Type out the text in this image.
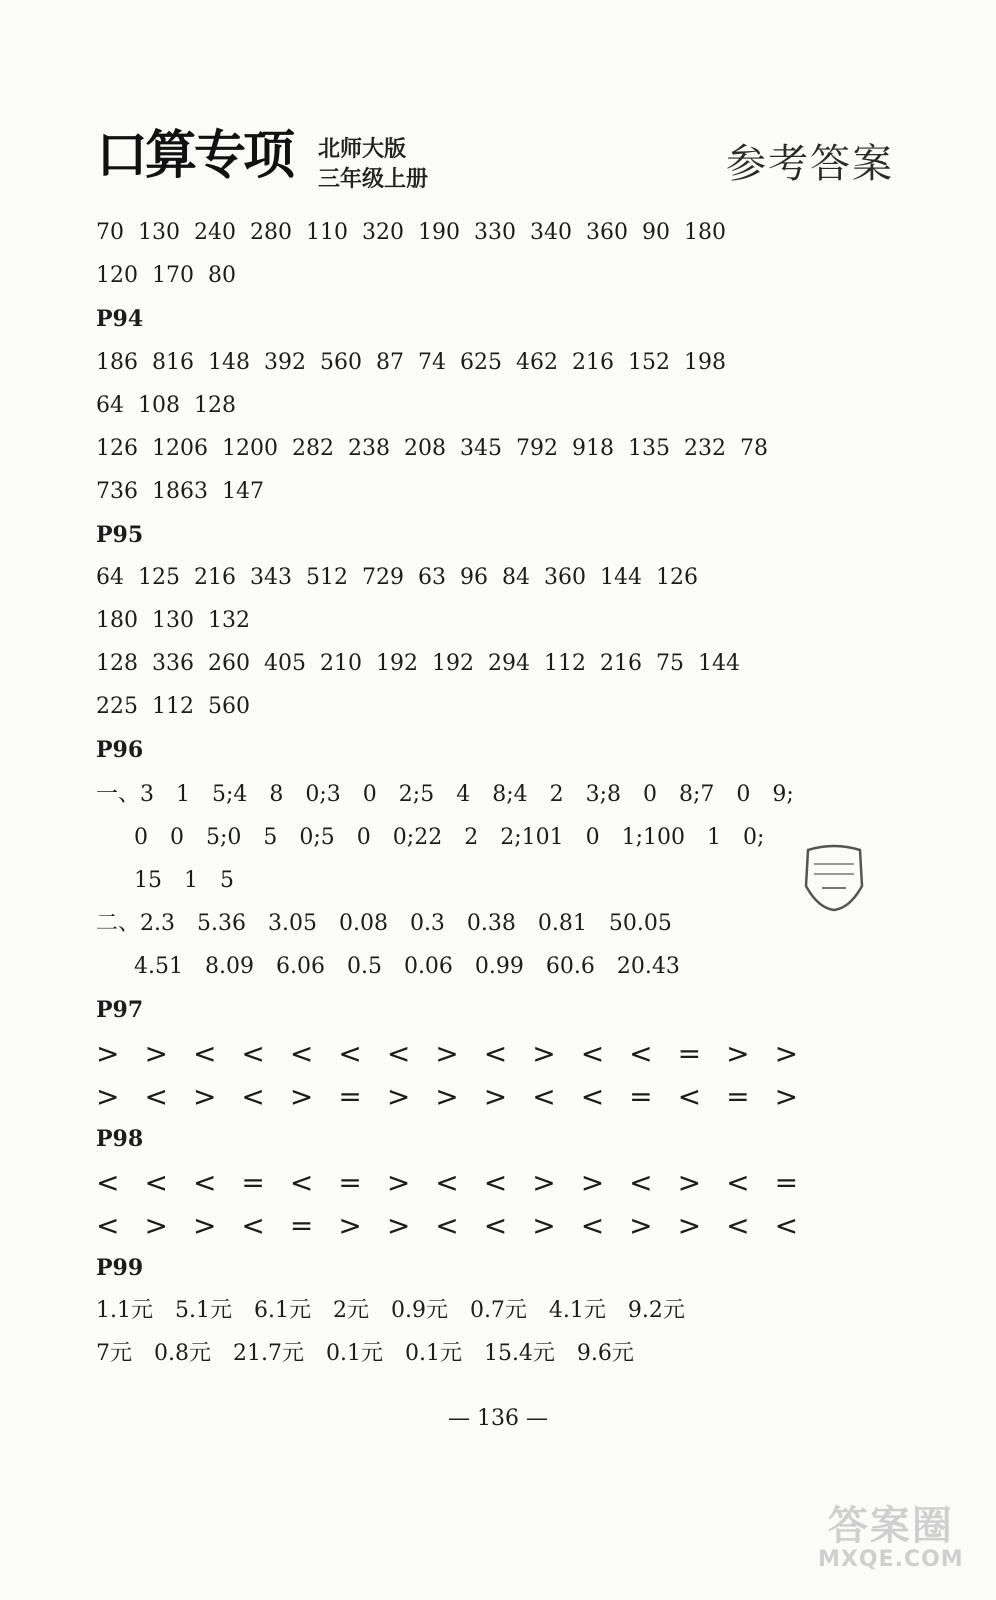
口算专项 北师大版
三年级上册	参考答案
70 130 240 280 110 320 190 330 340 360 90 180
120 170 80
P94
186 816 148 392 560 87 74 625 462 216 152 198
64 108 128
126 1206 1200 282 238 208 345 792 918 135 232 78
736 1863 147
P95
64 125 216 343 512 729 63 96 84 360 144 126
180 130 132
128 336 260 405 210 192 192 294 112 216 75 144
225 112 560
P96
一、3　1　5;4　8　0;3　0　2;5　4　8;4　2　3;8　0　8;7　0　9;
0　0　5;0　5　0;5　0　0;22　2　2;101　0　1;100　1　0;
15　1　5
二、2.3　5.36　3.05　0.08　0.3　0.38　0.81　50.05
4.51　8.09　6.06　0.5　0.06　0.99　60.6　20.43
P97
> > < < < < < > < > < < = > >
> < > < > = > > > < < = < = >
P98
< < < = < = > < < > > < > < =
< > > < = > > < < > < > > < <
P99
1.1元　5.1元　6.1元　2元　0.9元　0.7元　4.1元　9.2元
7元　0.8元　21.7元　0.1元　0.1元　15.4元　9.6元
— 136 —
答案圈
MXQE.COM
